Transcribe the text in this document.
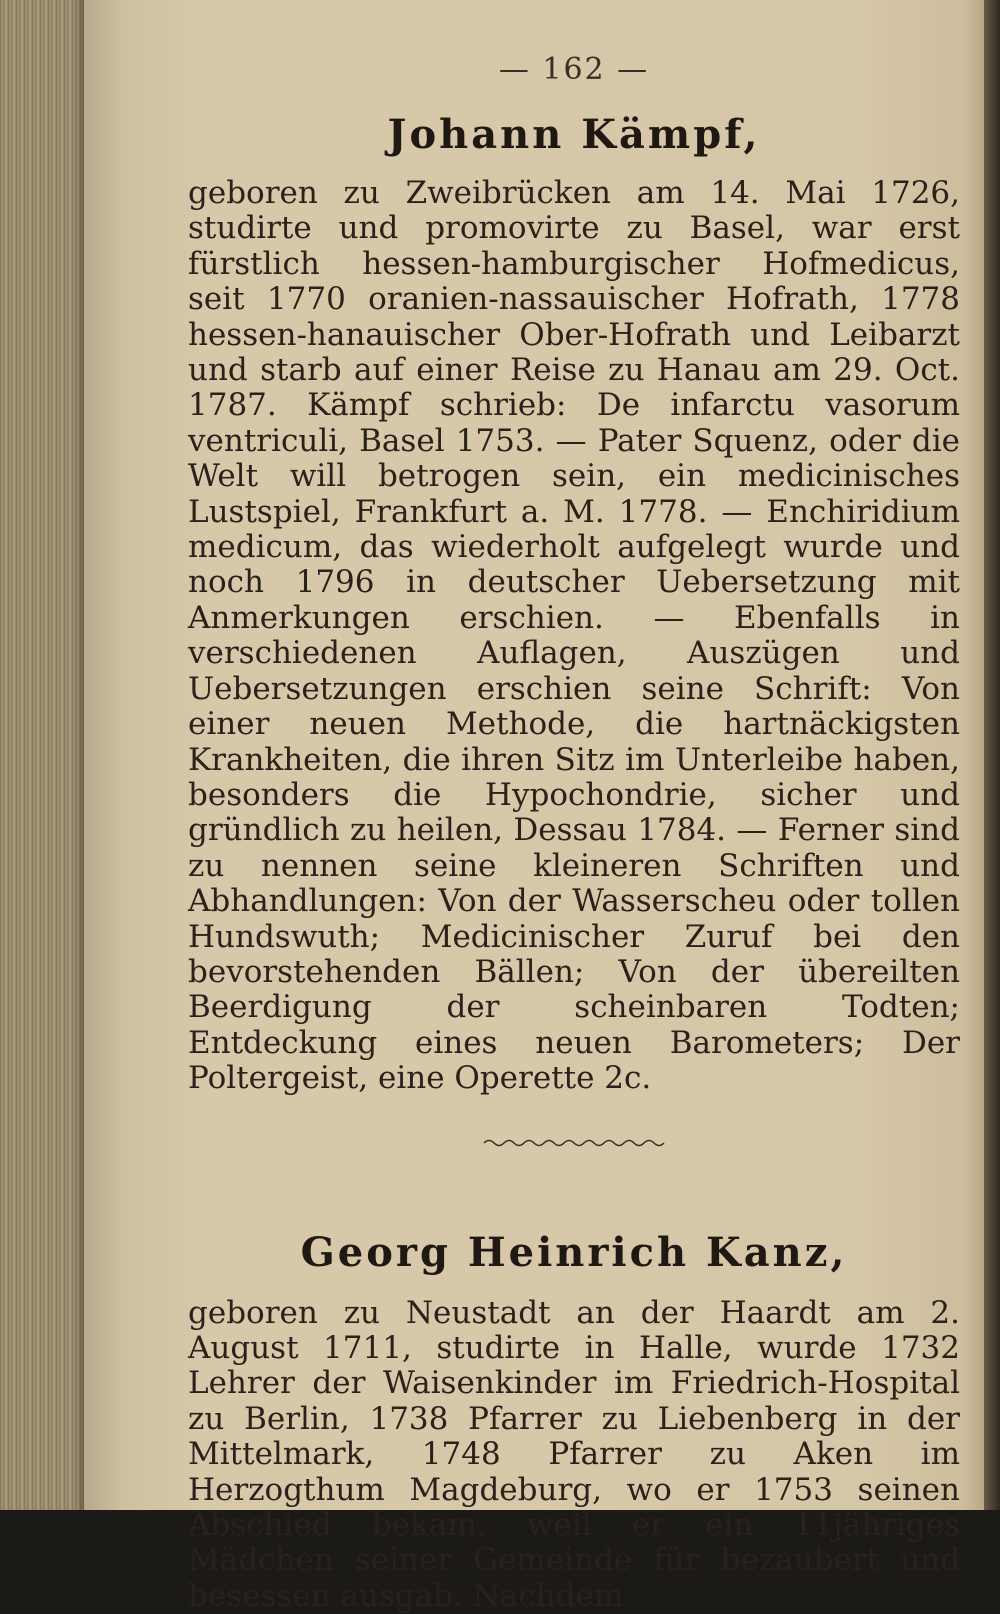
— 162 —
Johann Kämpf,

geboren zu Zweibrücken am 14. Mai 1726, studirte und promovirte zu Basel, war erst fürstlich hessen-hamburgischer Hofmedicus, seit 1770 oranien-nassauischer Hofrath, 1778 hessen-hanauischer Ober-Hofrath und Leibarzt und starb auf einer Reise zu Hanau am 29. Oct. 1787. Kämpf schrieb: De infarctu vasorum ventriculi, Basel 1753. — Pater Squenz, oder die Welt will betrogen sein, ein medicinisches Lustspiel, Frankfurt a. M. 1778. — Enchiridium medicum, das wiederholt aufgelegt wurde und noch 1796 in deutscher Uebersetzung mit Anmerkungen erschien. — Ebenfalls in verschiedenen Auflagen, Auszügen und Uebersetzungen erschien seine Schrift: Von einer neuen Methode, die hartnäckigsten Krankheiten, die ihren Sitz im Unterleibe haben, besonders die Hypochondrie, sicher und gründlich zu heilen, Dessau 1784. — Ferner sind zu nennen seine kleineren Schriften und Abhandlungen: Von der Wasserscheu oder tollen Hundswuth; Medicinischer Zuruf bei den bevorstehenden Bällen; Von der übereilten Beerdigung der scheinbaren Todten; Entdeckung eines neuen Barometers; Der Poltergeist, eine Operette 2c.

Georg Heinrich Kanz,

geboren zu Neustadt an der Haardt am 2. August 1711, studirte in Halle, wurde 1732 Lehrer der Waisenkinder im Friedrich-Hospital zu Berlin, 1738 Pfarrer zu Liebenberg in der Mittelmark, 1748 Pfarrer zu Aken im Herzogthum Magdeburg, wo er 1753 seinen Abschied bekam, weil er ein 11jähriges Mädchen seiner Gemeinde für bezaubert und besessen ausgab. Nachdem
